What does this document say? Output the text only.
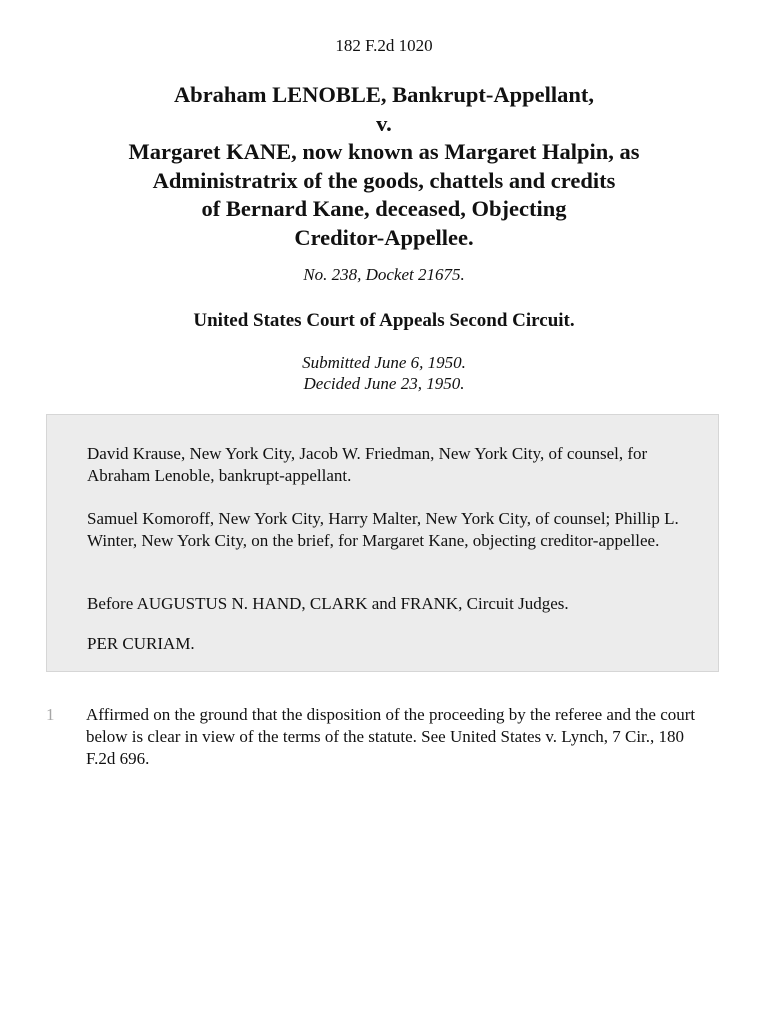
182 F.2d 1020
Abraham LENOBLE, Bankrupt-Appellant,
v.
Margaret KANE, now known as Margaret Halpin, as
Administratrix of the goods, chattels and credits
of Bernard Kane, deceased, Objecting
Creditor-Appellee.
No. 238, Docket 21675.
United States Court of Appeals Second Circuit.
Submitted June 6, 1950.
Decided June 23, 1950.

David Krause, New York City, Jacob W. Friedman, New York City, of counsel, for Abraham Lenoble, bankrupt-appellant.

Samuel Komoroff, New York City, Harry Malter, New York City, of counsel; Phillip L. Winter, New York City, on the brief, for Margaret Kane, objecting creditor-appellee.

Before AUGUSTUS N. HAND, CLARK and FRANK, Circuit Judges.

PER CURIAM.

1 Affirmed on the ground that the disposition of the proceeding by the referee and the court below is clear in view of the terms of the statute. See United States v. Lynch, 7 Cir., 180 F.2d 696.
